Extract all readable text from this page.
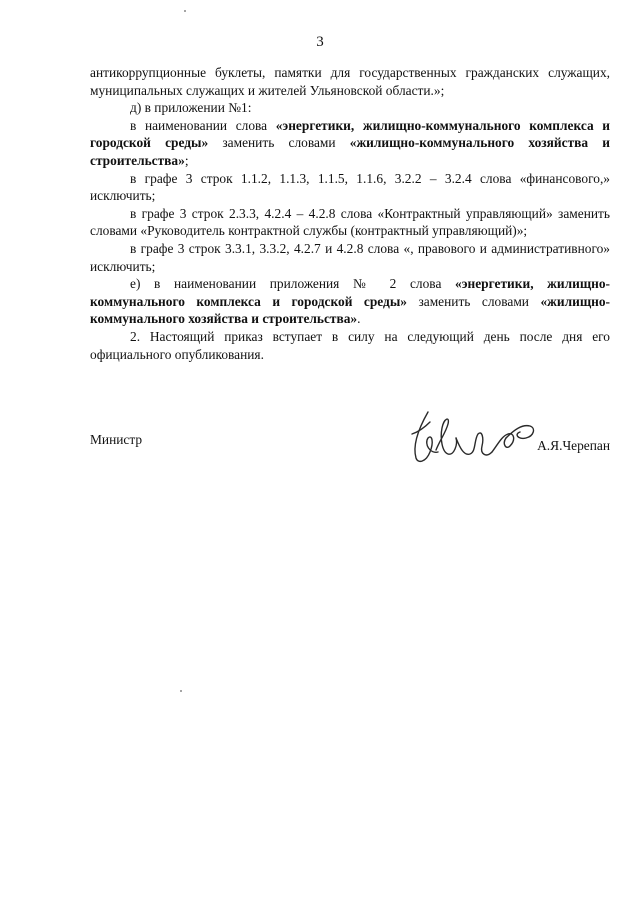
3

антикоррупционные буклеты, памятки для государственных гражданских служащих, муниципальных служащих и жителей Ульяновской области.»;

д) в приложении №1:

в наименовании слова «энергетики, жилищно-коммунального комплекса и городской среды» заменить словами «жилищно-коммунального хозяйства и строительства»;

в графе 3 строк 1.1.2, 1.1.3, 1.1.5, 1.1.6, 3.2.2 – 3.2.4 слова «финансового,» исключить;

в графе 3 строк 2.3.3, 4.2.4 – 4.2.8 слова «Контрактный управляющий» заменить словами «Руководитель контрактной службы (контрактный управляющий)»;

в графе 3 строк 3.3.1, 3.3.2, 4.2.7 и 4.2.8 слова «, правового и административного» исключить;

е) в наименовании приложения № 2 слова «энергетики, жилищно-коммунального комплекса и городской среды» заменить словами «жилищно-коммунального хозяйства и строительства».

2. Настоящий приказ вступает в силу на следующий день после дня его официального опубликования.

Министр	А.Я.Черепан
